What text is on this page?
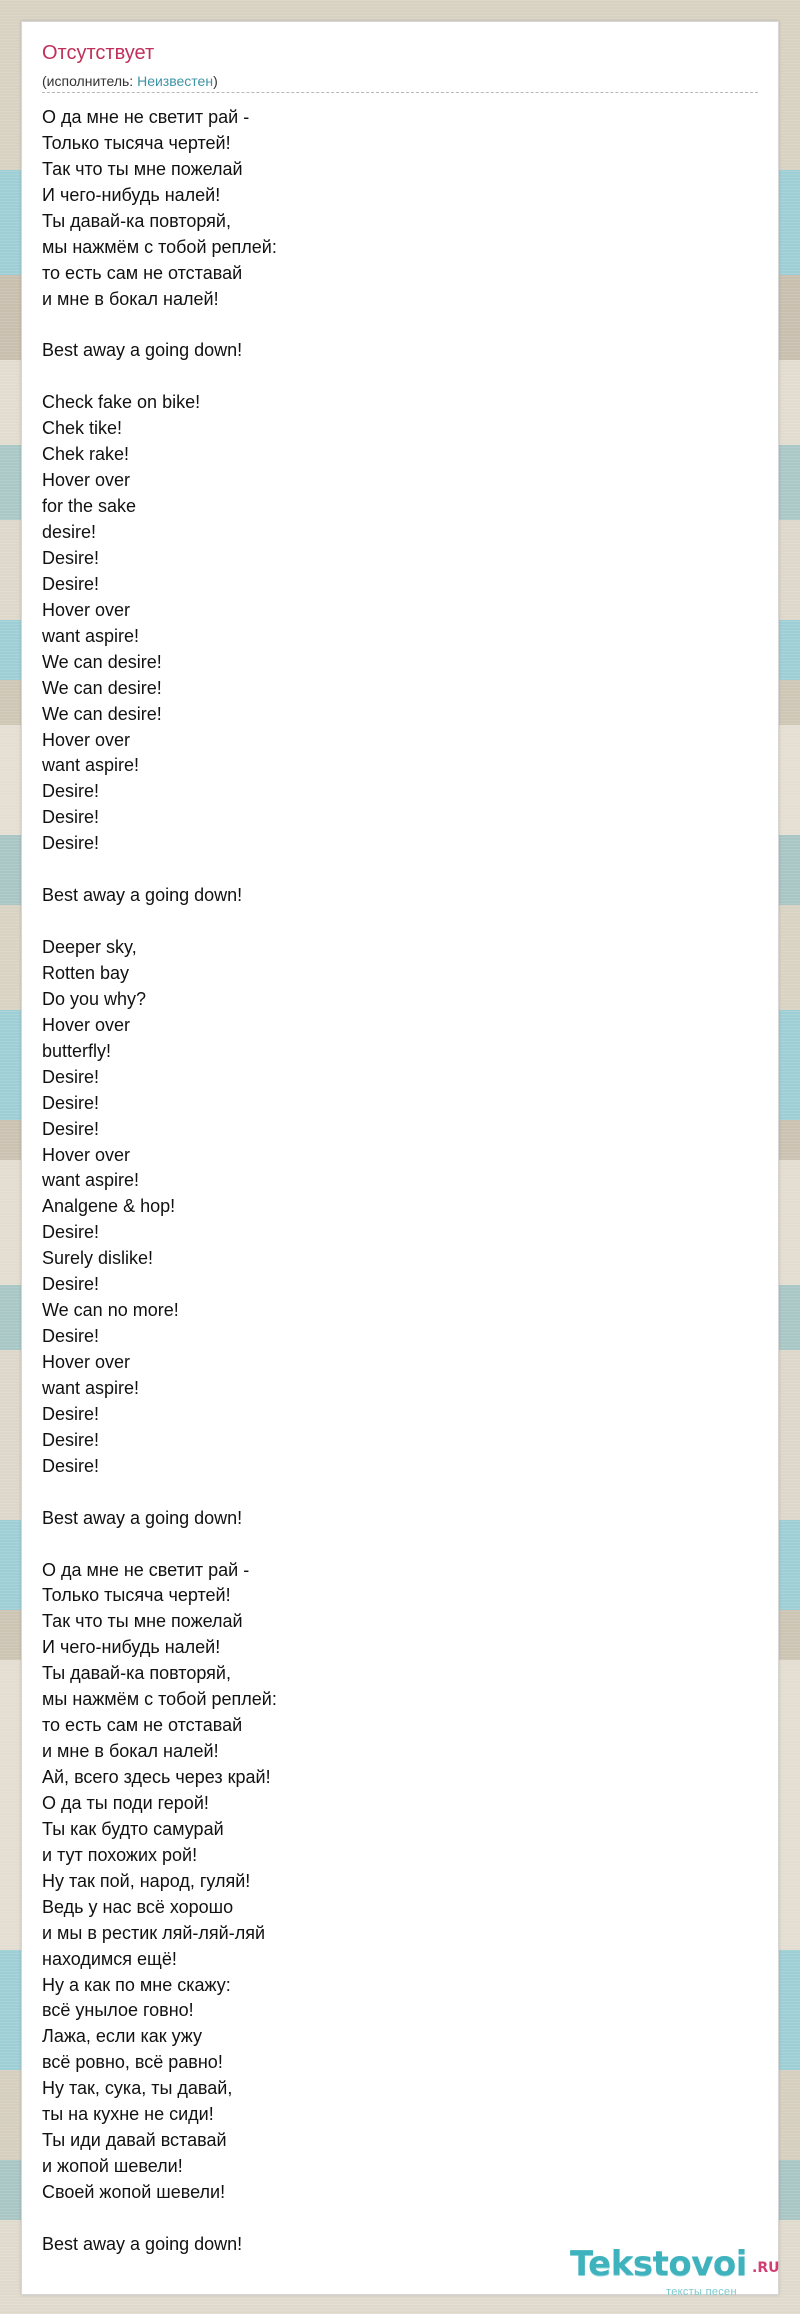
Отсутствует
(исполнитель: Неизвестен)
О да мне не светит рай -
Только тысяча чертей!
Так что ты мне пожелай
И чего-нибудь налей!
Ты давай-ка повторяй,
мы нажмём с тобой реплей:
то есть сам не отставай
и мне в бокал налей!
Best away a going down!
Check fake on bike!
Chek tike!
Chek rake!
Hover over
for the sake
desire!
Desire!
Desire!
Hover over
want aspire!
We can desire!
We can desire!
We can desire!
Hover over
want aspire!
Desire!
Desire!
Desire!
Best away a going down!
Deeper sky,
Rotten bay
Do you why?
Hover over
butterfly!
Desire!
Desire!
Desire!
Hover over
want aspire!
Analgene & hop!
Desire!
Surely dislike!
Desire!
We can no more!
Desire!
Hover over
want aspire!
Desire!
Desire!
Desire!
Best away a going down!
О да мне не светит рай -
Только тысяча чертей!
Так что ты мне пожелай
И чего-нибудь налей!
Ты давай-ка повторяй,
мы нажмём с тобой реплей:
то есть сам не отставай
и мне в бокал налей!
Ай, всего здесь через край!
О да ты поди герой!
Ты как будто самурай
и тут похожих рой!
Ну так пой, народ, гуляй!
Ведь у нас всё хорошо
и мы в рестик ляй-ляй-ляй
находимся ещё!
Ну а как по мне скажу:
всё унылое говно!
Лажа, если как ужу
всё ровно, всё равно!
Ну так, сука, ты давай,
ты на кухне не сиди!
Ты иди давай вставай
и жопой шевели!
Своей жопой шевели!
Best away a going down!
Tekstovoi .RU
тексты песен
